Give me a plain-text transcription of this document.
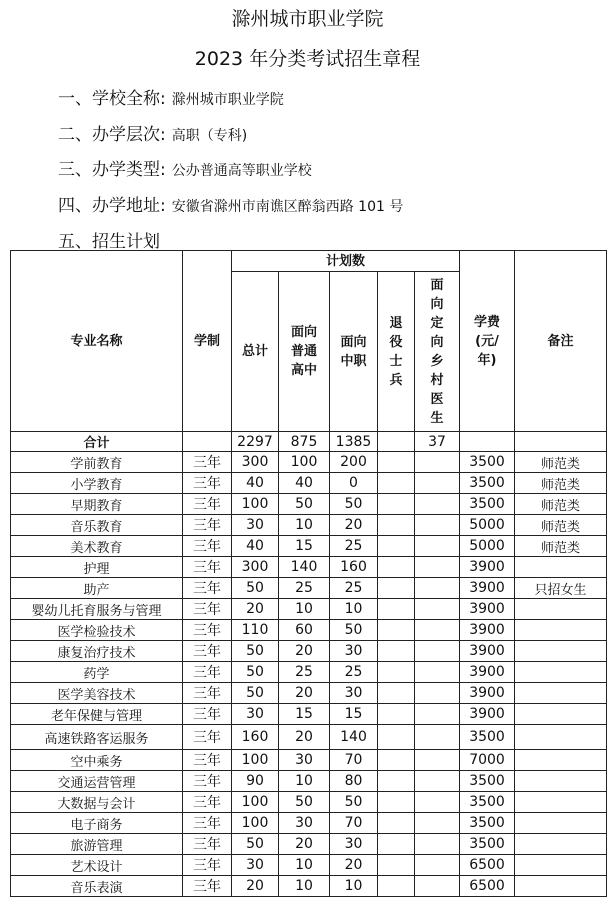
滁州城市职业学院
2023 年分类考试招生章程
一、学校全称: 滁州城市职业学院
二、办学层次: 高职（专科)
三、办学类型: 公办普通高等职业学校
四、办学地址: 安徽省滁州市南谯区醉翁西路 101 号
五、招生计划
专业名称	学制	计划数					学费(元/年)	备注
		总计	面向普通高中	面向中职	退役士兵	面向定向乡村医生		
合计		2297	875	1385		37		
学前教育	三年	300	100	200			3500	师范类
小学教育	三年	40	40	0			3500	师范类
早期教育	三年	100	50	50			3500	师范类
音乐教育	三年	30	10	20			5000	师范类
美术教育	三年	40	15	25			5000	师范类
护理	三年	300	140	160			3900	
助产	三年	50	25	25			3900	只招女生
婴幼儿托育服务与管理	三年	20	10	10			3900	
医学检验技术	三年	110	60	50			3900	
康复治疗技术	三年	50	20	30			3900	
药学	三年	50	25	25			3900	
医学美容技术	三年	50	20	30			3900	
老年保健与管理	三年	30	15	15			3900	
高速铁路客运服务	三年	160	20	140			3500	
空中乘务	三年	100	30	70			7000	
交通运营管理	三年	90	10	80			3500	
大数据与会计	三年	100	50	50			3500	
电子商务	三年	100	30	70			3500	
旅游管理	三年	50	20	30			3500	
艺术设计	三年	30	10	20			6500	
音乐表演	三年	20	10	10			6500	
